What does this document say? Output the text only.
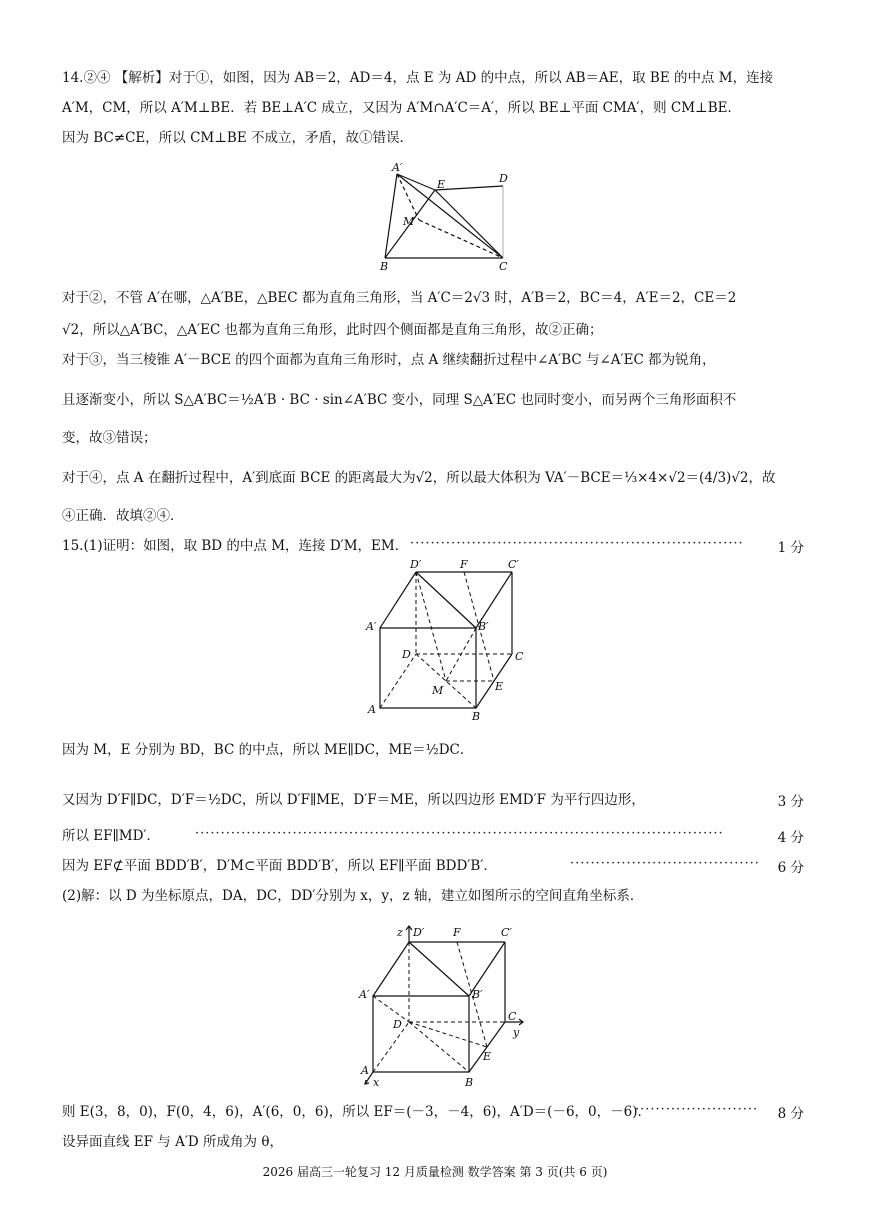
14.②④ 【解析】对于①，如图，因为 AB＝2，AD＝4，点 E 为 AD 的中点，所以 AB＝AE，取 BE 的中点 M，连接
A′M，CM，所以 A′M⊥BE．若 BE⊥A′C 成立，又因为 A′M∩A′C＝A′，所以 BE⊥平面 CMA′，则 CM⊥BE．
因为 BC≠CE，所以 CM⊥BE 不成立，矛盾，故①错误．
A′
E	D
M
B	C
对于②，不管 A′在哪，△A′BE，△BEC 都为直角三角形，当 A′C＝2√3 时，A′B＝2，BC＝4，A′E＝2，CE＝2
√2，所以△A′BC，△A′EC 也都为直角三角形，此时四个侧面都是直角三角形，故②正确；
对于③，当三棱锥 A′－BCE 的四个面都为直角三角形时，点 A 继续翻折过程中∠A′BC 与∠A′EC 都为锐角，
且逐渐变小，所以 S△A′BC＝½A′B · BC · sin∠A′BC 变小，同理 S△A′EC 也同时变小，而另两个三角形面积不
变，故③错误；
对于④，点 A 在翻折过程中，A′到底面 BCE 的距离最大为√2，所以最大体积为 VA′－BCE＝⅓×4×√2＝(4/3)√2，故
④正确．故填②④．
15.(1)证明：如图，取 BD 的中点 M，连接 D′M，EM． ·································································	1 分
D′	F	C′
A′	B′
D	C
M	E
A
B
因为 M，E 分别为 BD，BC 的中点，所以 ME∥DC，ME＝½DC．
又因为 D′F∥DC，D′F＝½DC，所以 D′F∥ME，D′F＝ME，所以四边形 EMD′F 为平行四边形，	3 分
所以 EF∥MD′．	·······································································································	4 分
因为 EF⊄平面 BDD′B′，D′M⊂平面 BDD′B′，所以 EF∥平面 BDD′B′．	····································· 6 分
(2)解：以 D 为坐标原点，DA，DC，DD′分别为 x，y，z 轴，建立如图所示的空间直角坐标系．
z D′	F	C′
A′	B′
D
C
y
E
A
x	B
则 E(3，8，0)，F(0，4，6)，A′(6，0，6)，所以 EF＝(－3，－4，6)，A′D＝(－6，0，－6)．
························ 8 分
设异面直线 EF 与 A′D 所成角为 θ，
2026 届高三一轮复习 12 月质量检测 数学答案 第 3 页(共 6 页)
